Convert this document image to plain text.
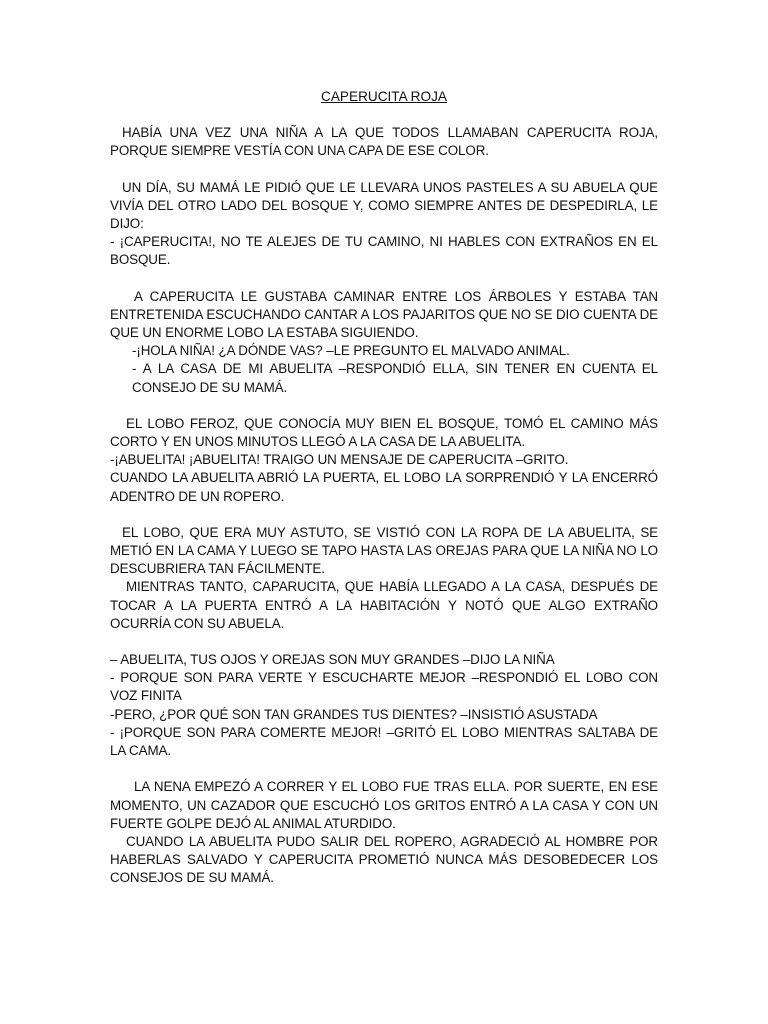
CAPERUCITA ROJA

HABÍA UNA VEZ UNA NIÑA A LA QUE TODOS LLAMABAN CAPERUCITA ROJA, PORQUE SIEMPRE VESTÍA CON UNA CAPA DE ESE COLOR.

UN DÍA, SU MAMÁ LE PIDIÓ QUE LE LLEVARA UNOS PASTELES A SU ABUELA QUE VIVÍA DEL OTRO LADO DEL BOSQUE Y, COMO SIEMPRE ANTES DE DESPEDIRLA, LE DIJO:

- ¡CAPERUCITA!, NO TE ALEJES DE TU CAMINO, NI HABLES CON EXTRAÑOS EN EL BOSQUE.

A CAPERUCITA LE GUSTABA CAMINAR ENTRE LOS ÁRBOLES Y ESTABA TAN ENTRETENIDA ESCUCHANDO CANTAR A LOS PAJARITOS QUE NO SE DIO CUENTA DE QUE UN ENORME LOBO LA ESTABA SIGUIENDO.

-¡HOLA NIÑA! ¿A DÓNDE VAS? –LE PREGUNTO EL MALVADO ANIMAL.

- A LA CASA DE MI ABUELITA –RESPONDIÓ ELLA, SIN TENER EN CUENTA EL CONSEJO DE SU MAMÁ.

EL LOBO FEROZ, QUE CONOCÍA MUY BIEN EL BOSQUE, TOMÓ EL CAMINO MÁS CORTO Y EN UNOS MINUTOS LLEGÓ A LA CASA DE LA ABUELITA.

-¡ABUELITA! ¡ABUELITA! TRAIGO UN MENSAJE DE CAPERUCITA –GRITO.

CUANDO LA ABUELITA ABRIÓ LA PUERTA, EL LOBO LA SORPRENDIÓ Y LA ENCERRÓ ADENTRO DE UN ROPERO.

EL LOBO, QUE ERA MUY ASTUTO, SE VISTIÓ CON LA ROPA DE LA ABUELITA, SE METIÓ EN LA CAMA Y LUEGO SE TAPO HASTA LAS OREJAS PARA QUE LA NIÑA NO LO DESCUBRIERA TAN FÁCILMENTE.

MIENTRAS TANTO, CAPARUCITA, QUE HABÍA LLEGADO A LA CASA, DESPUÉS DE TOCAR A LA PUERTA ENTRÓ A LA HABITACIÓN Y NOTÓ QUE ALGO EXTRAÑO OCURRÍA CON SU ABUELA.

– ABUELITA, TUS OJOS Y OREJAS SON MUY GRANDES –DIJO LA NIÑA

- PORQUE SON PARA VERTE Y ESCUCHARTE MEJOR –RESPONDIÓ EL LOBO CON VOZ FINITA

-PERO, ¿POR QUÉ SON TAN GRANDES TUS DIENTES? –INSISTIÓ ASUSTADA

- ¡PORQUE SON PARA COMERTE MEJOR! –GRITÓ EL LOBO MIENTRAS SALTABA DE LA CAMA.

LA NENA EMPEZÓ A CORRER Y EL LOBO FUE TRAS ELLA. POR SUERTE, EN ESE MOMENTO, UN CAZADOR QUE ESCUCHÓ LOS GRITOS ENTRÓ A LA CASA Y CON UN FUERTE GOLPE DEJÓ AL ANIMAL ATURDIDO.

CUANDO LA ABUELITA PUDO SALIR DEL ROPERO, AGRADECIÓ AL HOMBRE POR HABERLAS SALVADO Y CAPERUCITA PROMETIÓ NUNCA MÁS DESOBEDECER LOS CONSEJOS DE SU MAMÁ.
